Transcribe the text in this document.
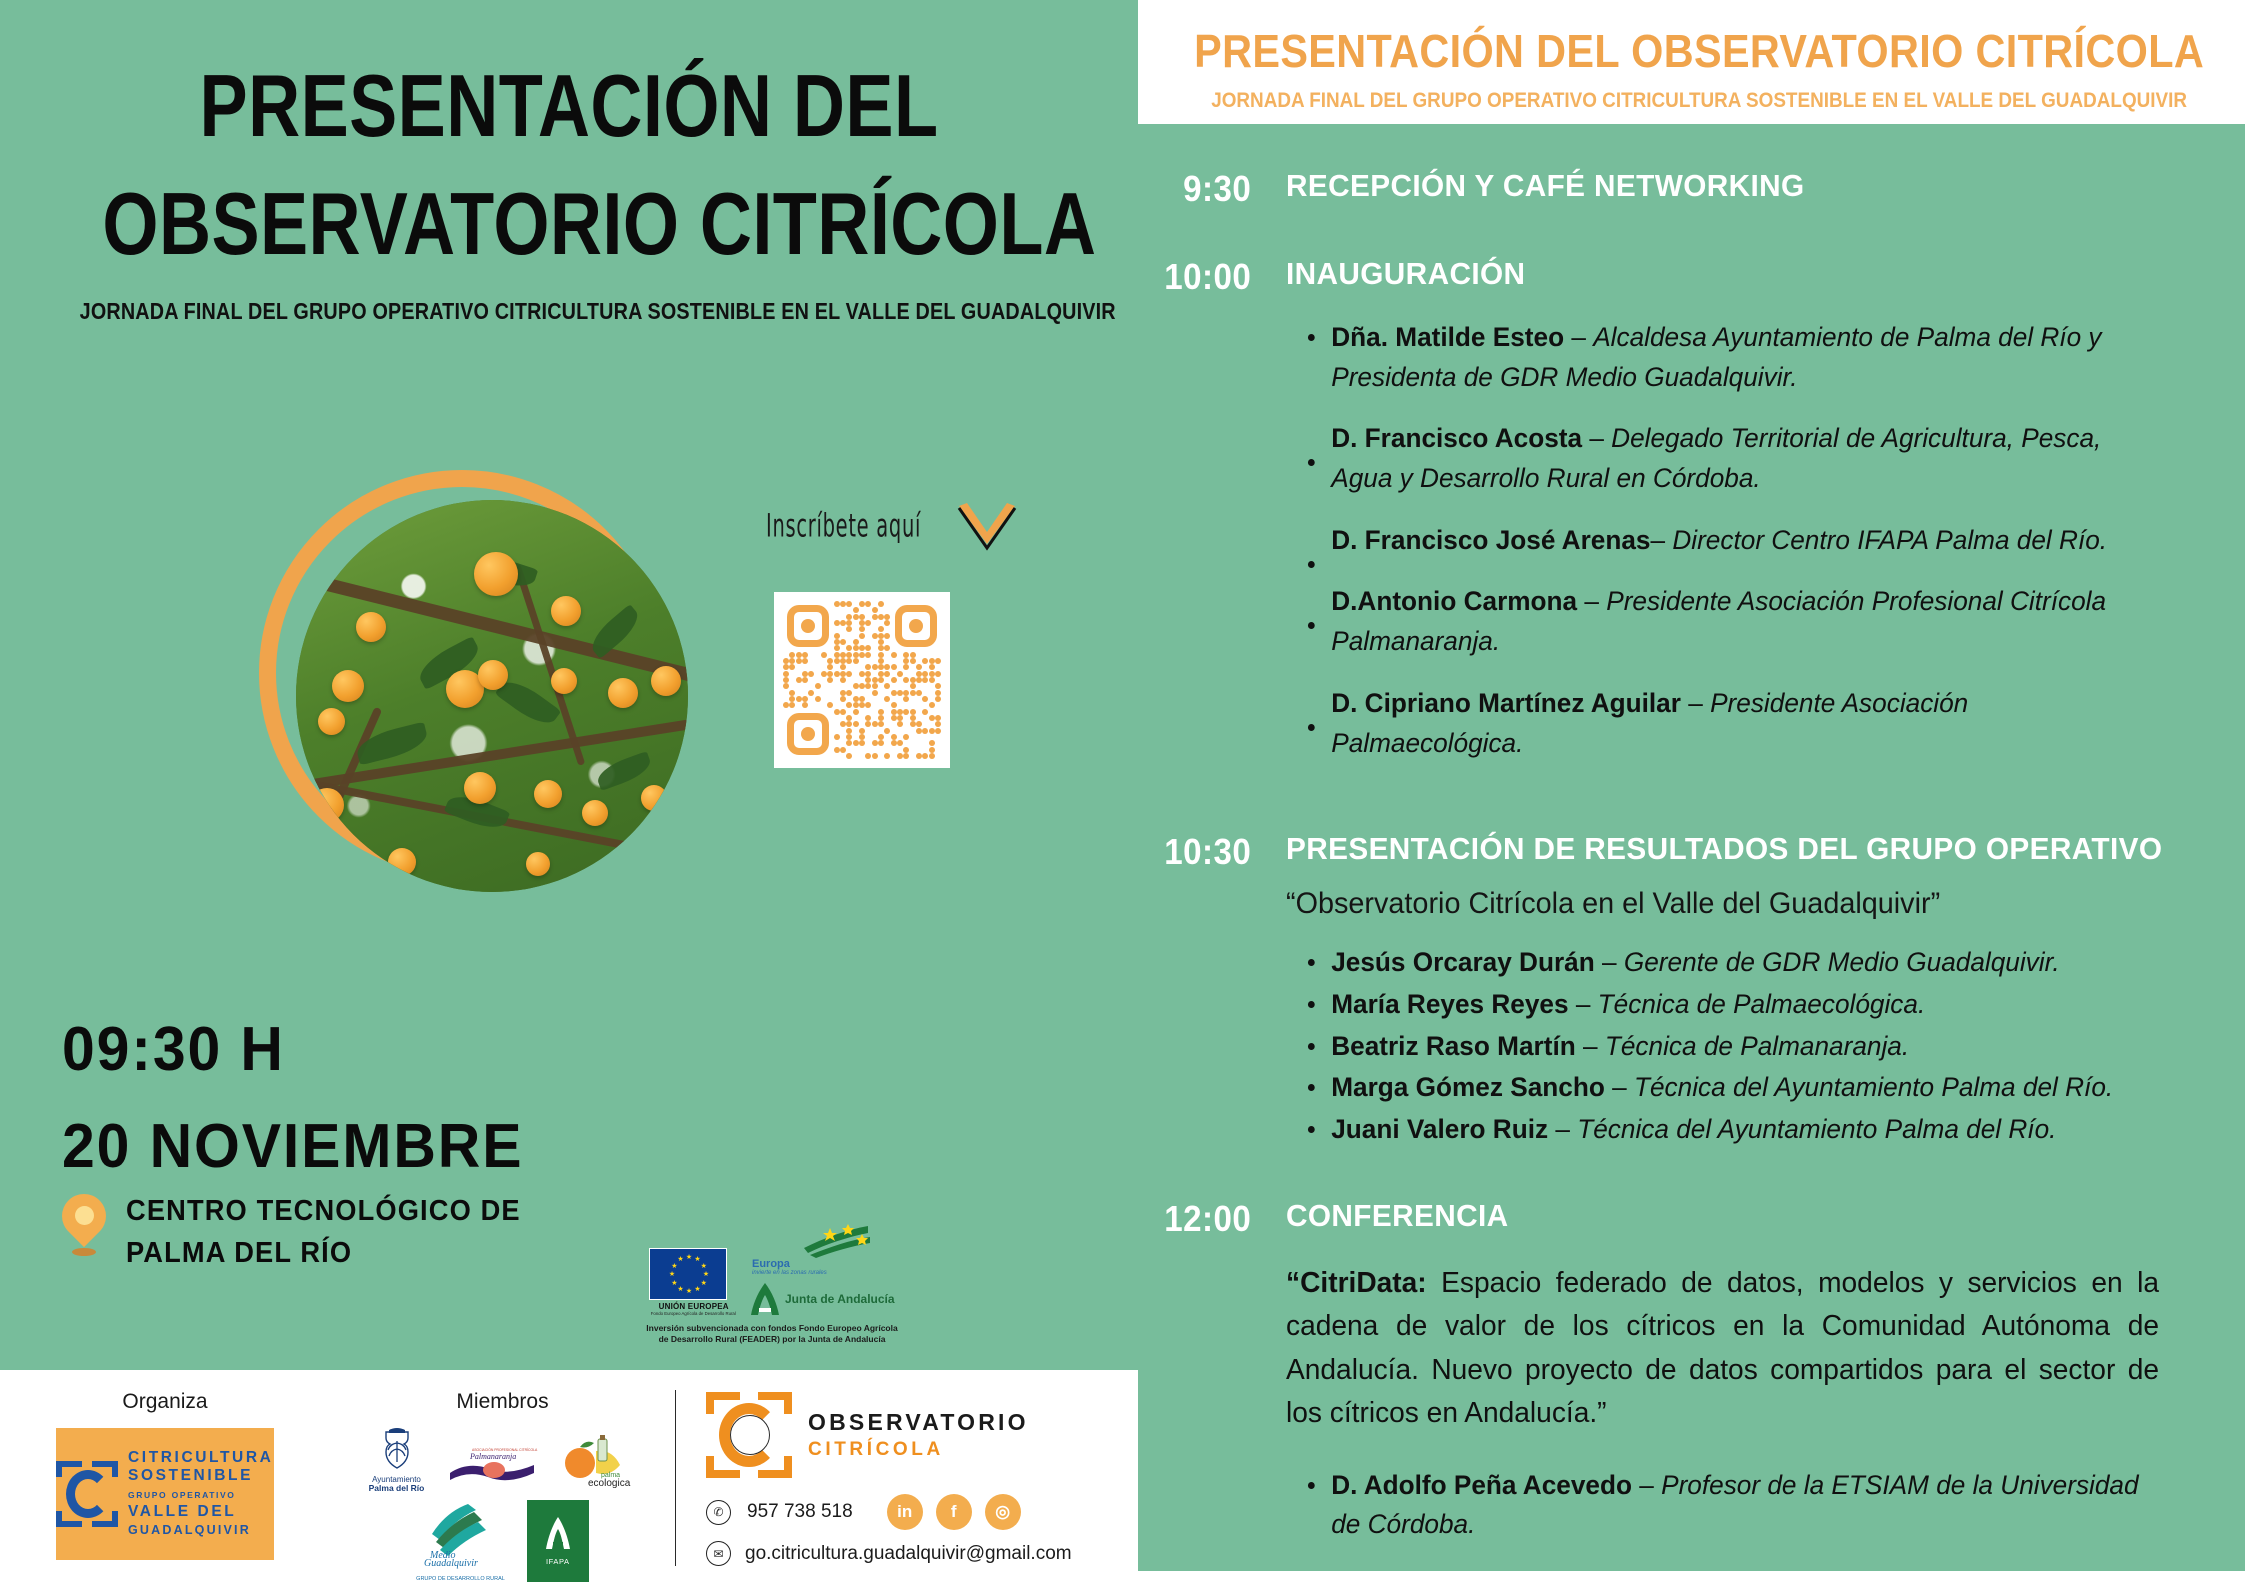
PRESENTACIÓN DEL
OBSERVATORIO CITRÍCOLA
JORNADA FINAL DEL GRUPO OPERATIVO CITRICULTURA SOSTENIBLE EN EL VALLE DEL GUADALQUIVIR
Inscríbete aquí
09:30 H
20 NOVIEMBRE
CENTRO TECNOLÓGICO DE
PALMA DEL RÍO	★ ★
★
★
★
★
★
★
★
★
★
★
UNIÓN EUROPEA
Fondo Europeo Agrícola de Desarrollo Rural
Europa
invierte en las zonas rurales
Junta de Andalucía
Inversión subvencionada con fondos Fondo Europeo Agrícola
de Desarrollo Rural (FEADER) por la Junta de Andalucía
Organiza
CITRICULTURA
SOSTENIBLE GRUPO OPERATIVO VALLE DEL
GUADALQUIVIR
Miembros
Ayuntamiento
Palma del Río
Palmanaranja
ASOCIACIÓN PROFESIONAL CITRÍCOLA
palma
ecologica
Medio
Guadalquivir
GRUPO DE DESARROLLO RURAL
IFAPA
OBSERVATORIO
CITRÍCOLA
✆	957 738 518	in	f	◎
✉	go.citricultura.guadalquivir@gmail.com
PRESENTACIÓN DEL OBSERVATORIO CITRÍCOLA
JORNADA FINAL DEL GRUPO OPERATIVO CITRICULTURA SOSTENIBLE EN EL VALLE DEL GUADALQUIVIR
9:30 RECEPCIÓN Y CAFÉ NETWORKING
10:00 INAUGURACIÓN
Dña. Matilde Esteo – Alcaldesa Ayuntamiento de Palma del Río y Presidenta de GDR Medio Guadalquivir.
D. Francisco Acosta – Delegado Territorial de Agricultura, Pesca, Agua y Desarrollo Rural en Córdoba.
D. Francisco José Arenas– Director Centro IFAPA Palma del Río.
D.Antonio Carmona – Presidente Asociación Profesional Citrícola Palmanaranja.
D. Cipriano Martínez Aguilar – Presidente Asociación Palmaecológica.
10:30 PRESENTACIÓN DE RESULTADOS DEL GRUPO OPERATIVO
“Observatorio Citrícola en el Valle del Guadalquivir”
Jesús Orcaray Durán – Gerente de GDR Medio Guadalquivir.
María Reyes Reyes – Técnica de Palmaecológica.
Beatriz Raso Martín – Técnica de Palmanaranja.
Marga Gómez Sancho – Técnica del Ayuntamiento Palma del Río.
Juani Valero Ruiz – Técnica del Ayuntamiento Palma del Río.
12:00 CONFERENCIA
“CitriData: Espacio federado de datos, modelos y servicios en la cadena de valor de los cítricos en la Comunidad Autónoma de Andalucía. Nuevo proyecto de datos compartidos para el sector de los cítricos en Andalucía.”
D. Adolfo Peña Acevedo – Profesor de la ETSIAM de la Universidad de Córdoba.
